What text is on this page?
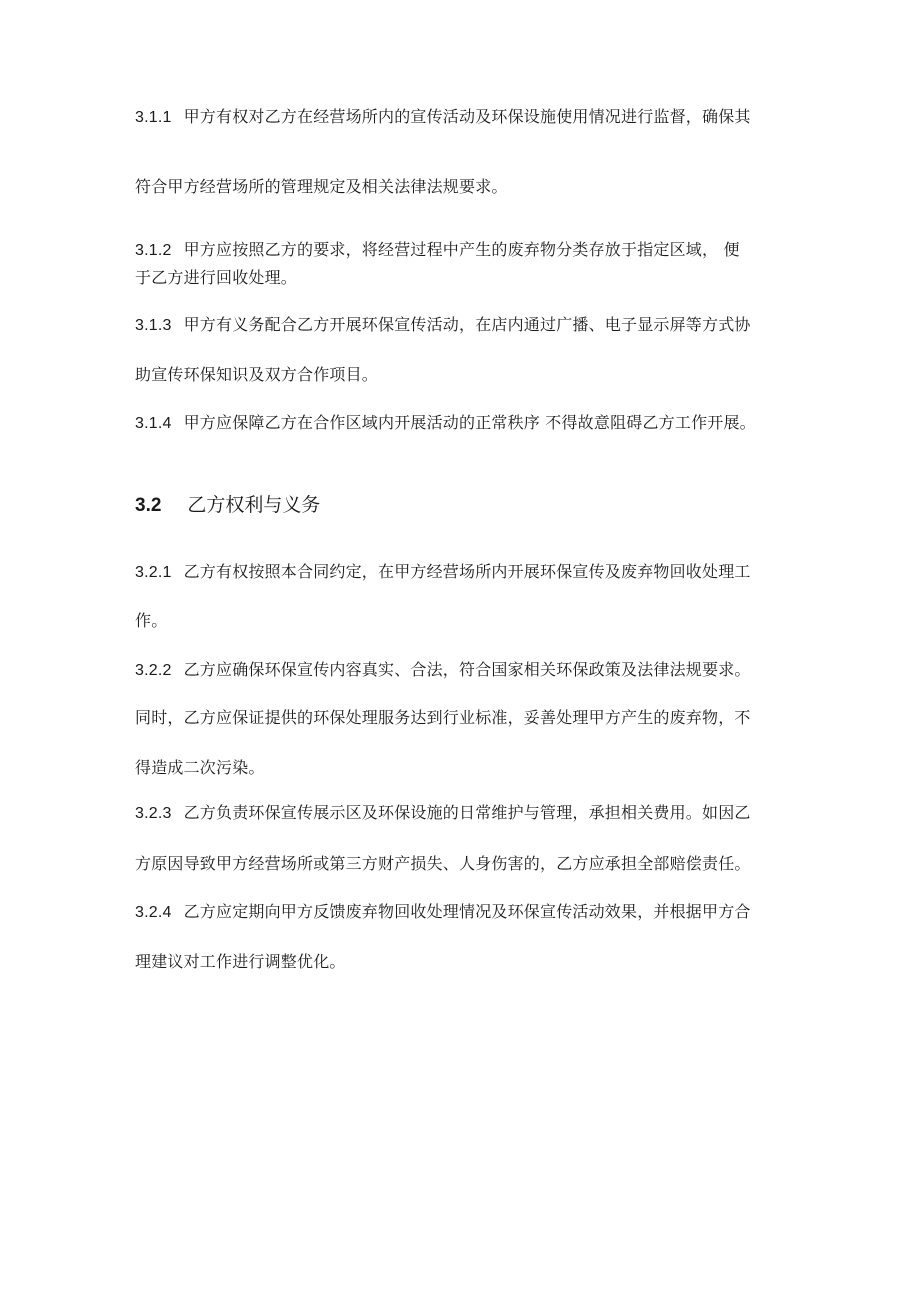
3.1.1 甲方有权对乙方在经营场所内的宣传活动及环保设施使用情况进行监督，确保其
符合甲方经营场所的管理规定及相关法律法规要求。
3.1.2 甲方应按照乙方的要求，将经营过程中产生的废弃物分类存放于指定区域， 便
于乙方进行回收处理。
3.1.3 甲方有义务配合乙方开展环保宣传活动，在店内通过广播、电子显示屏等方式协
助宣传环保知识及双方合作项目。
3.1.4 甲方应保障乙方在合作区域内开展活动的正常秩序 不得故意阻碍乙方工作开展。
3.2 乙方权利与义务
3.2.1 乙方有权按照本合同约定，在甲方经营场所内开展环保宣传及废弃物回收处理工
作。
3.2.2 乙方应确保环保宣传内容真实、合法，符合国家相关环保政策及法律法规要求。
同时，乙方应保证提供的环保处理服务达到行业标准，妥善处理甲方产生的废弃物，不
得造成二次污染。
3.2.3 乙方负责环保宣传展示区及环保设施的日常维护与管理，承担相关费用。如因乙
方原因导致甲方经营场所或第三方财产损失、人身伤害的，乙方应承担全部赔偿责任。
3.2.4 乙方应定期向甲方反馈废弃物回收处理情况及环保宣传活动效果，并根据甲方合
理建议对工作进行调整优化。
